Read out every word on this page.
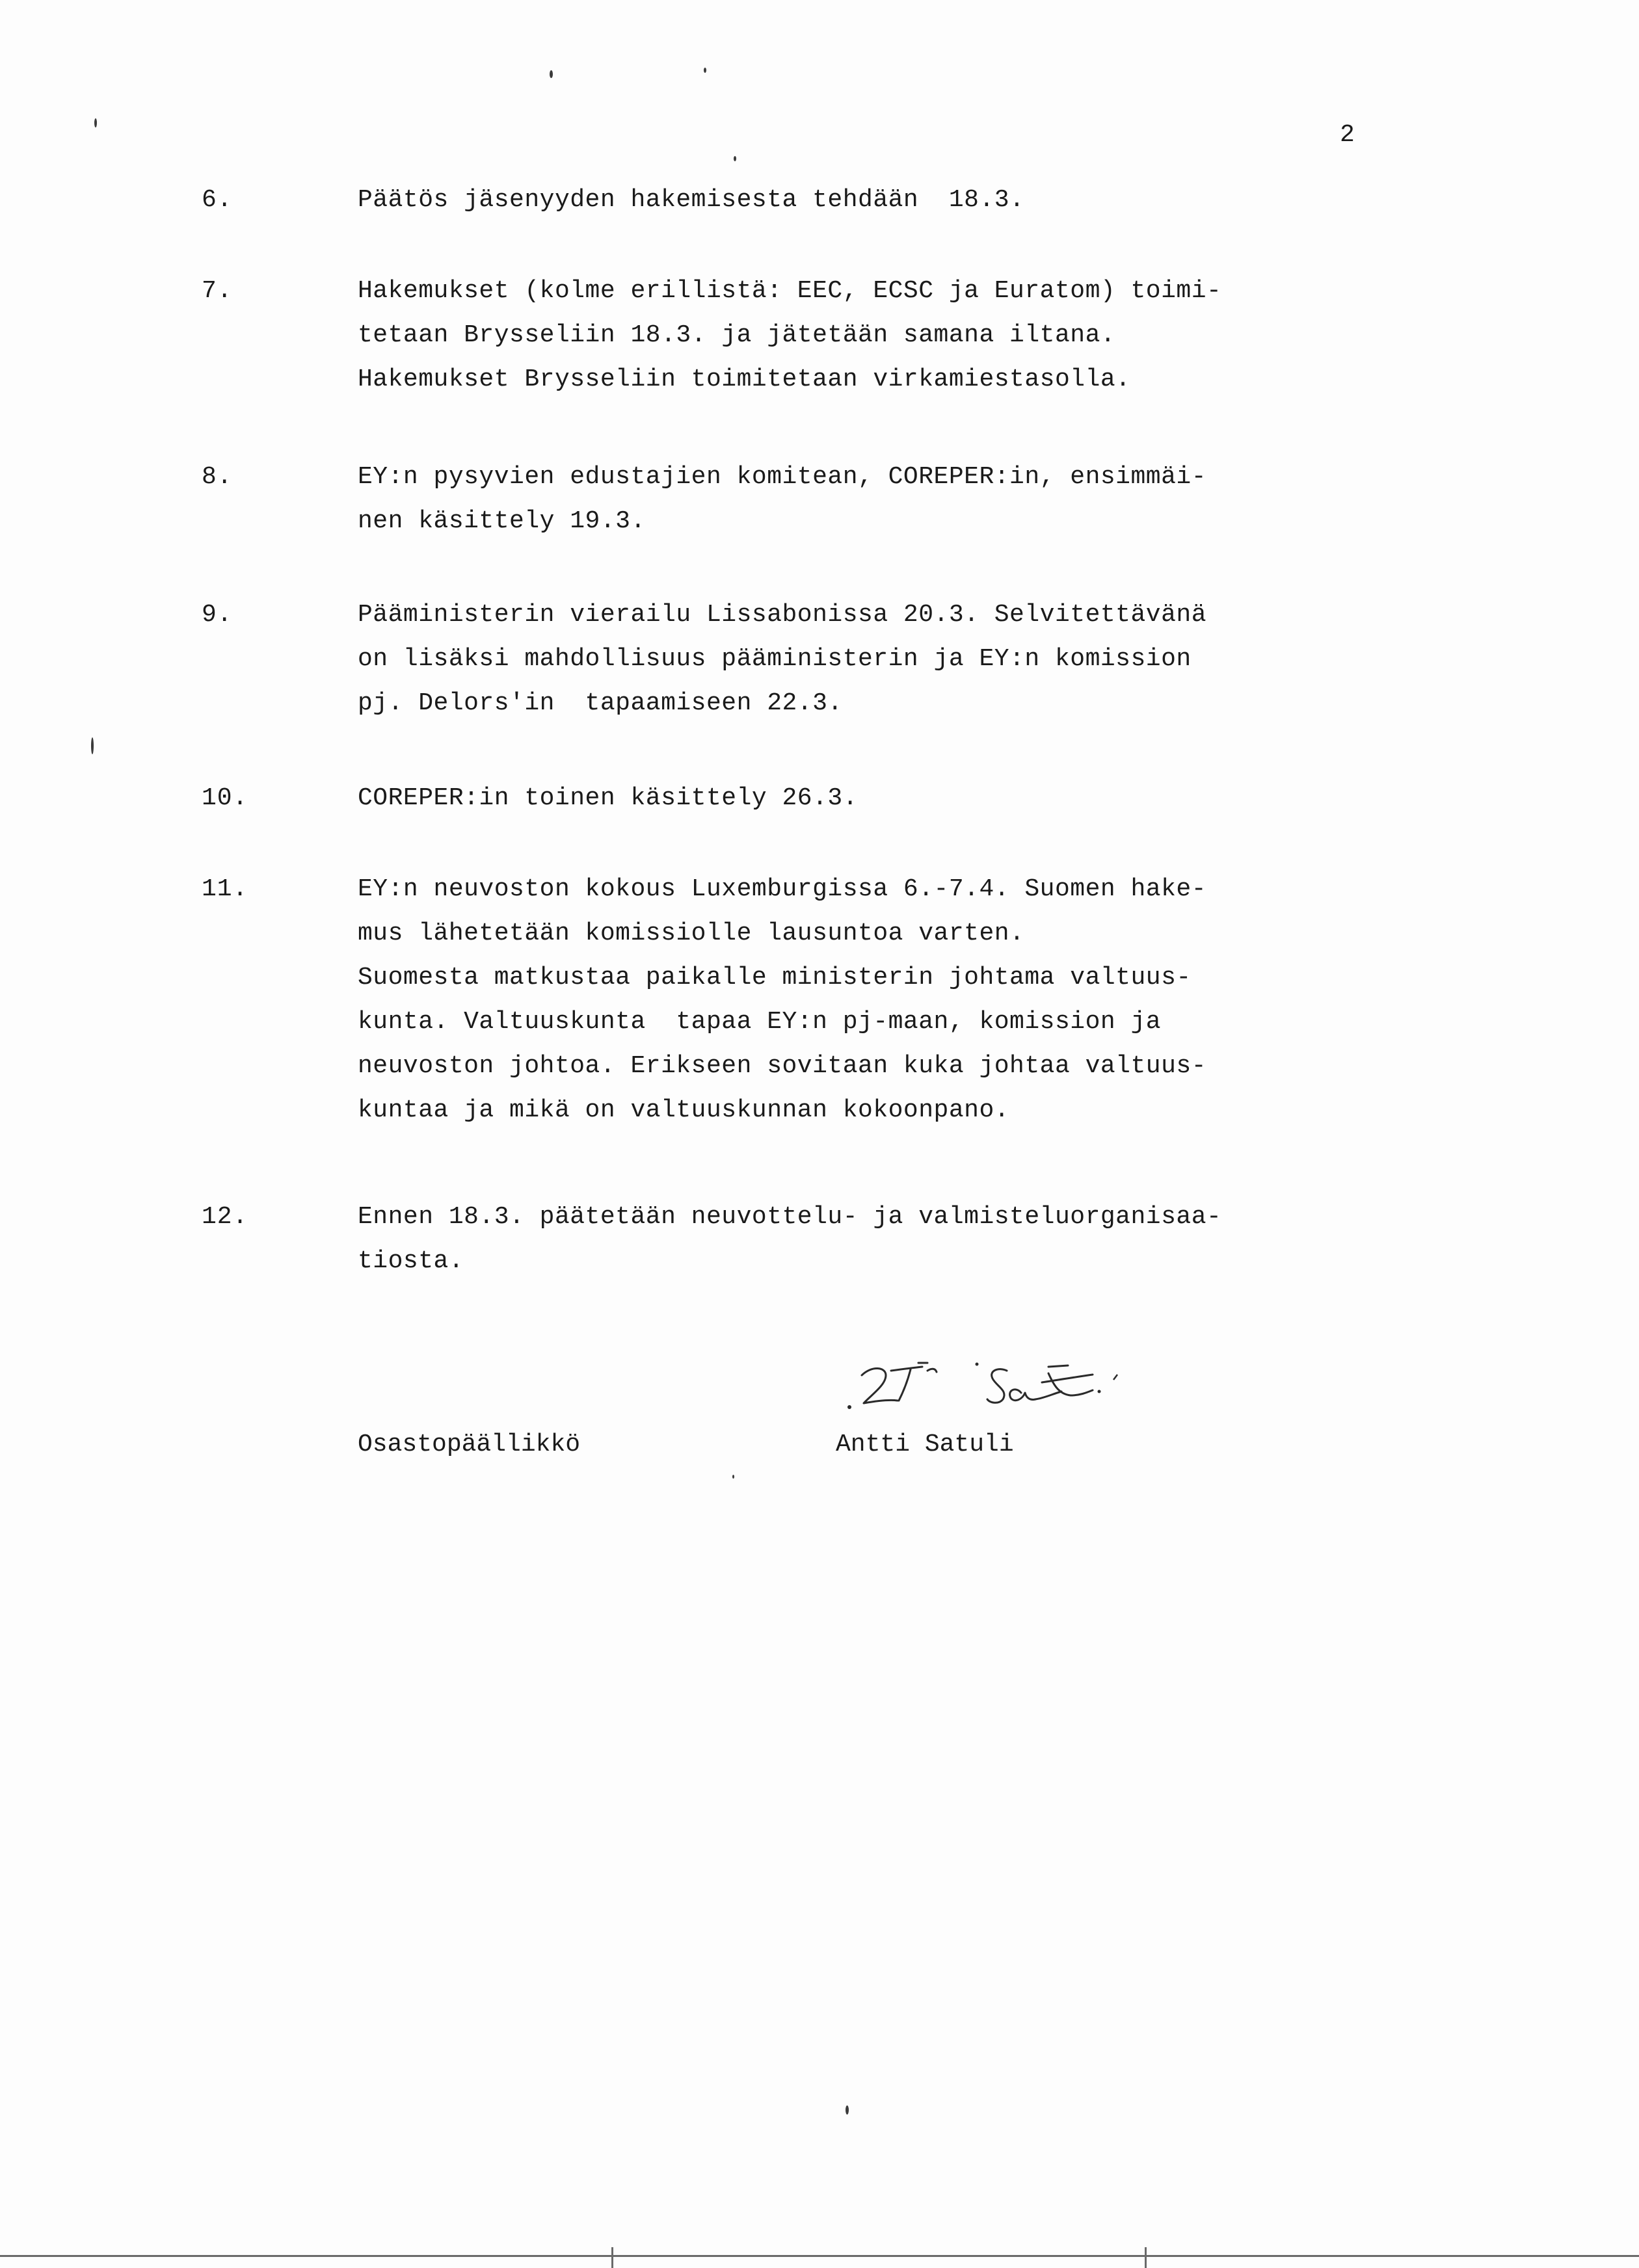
2
6.	Päätös jäsenyyden hakemisesta tehdään  18.3.
7.	Hakemukset (kolme erillistä: EEC, ECSC ja Euratom) toimi-
tetaan Brysseliin 18.3. ja jätetään samana iltana.
Hakemukset Brysseliin toimitetaan virkamiestasolla.
8.	EY:n pysyvien edustajien komitean, COREPER:in, ensimmäi-
nen käsittely 19.3.
9.	Pääministerin vierailu Lissabonissa 20.3. Selvitettävänä
on lisäksi mahdollisuus pääministerin ja EY:n komission
pj. Delors'in  tapaamiseen 22.3.
10.	COREPER:in toinen käsittely 26.3.
11.	EY:n neuvoston kokous Luxemburgissa 6.-7.4. Suomen hake-
mus lähetetään komissiolle lausuntoa varten.
Suomesta matkustaa paikalle ministerin johtama valtuus-
kunta. Valtuuskunta  tapaa EY:n pj-maan, komission ja
neuvoston johtoa. Erikseen sovitaan kuka johtaa valtuus-
kuntaa ja mikä on valtuuskunnan kokoonpano.
12.	Ennen 18.3. päätetään neuvottelu- ja valmisteluorganisaa-
tiosta.
Osastopäällikkö	Antti Satuli
